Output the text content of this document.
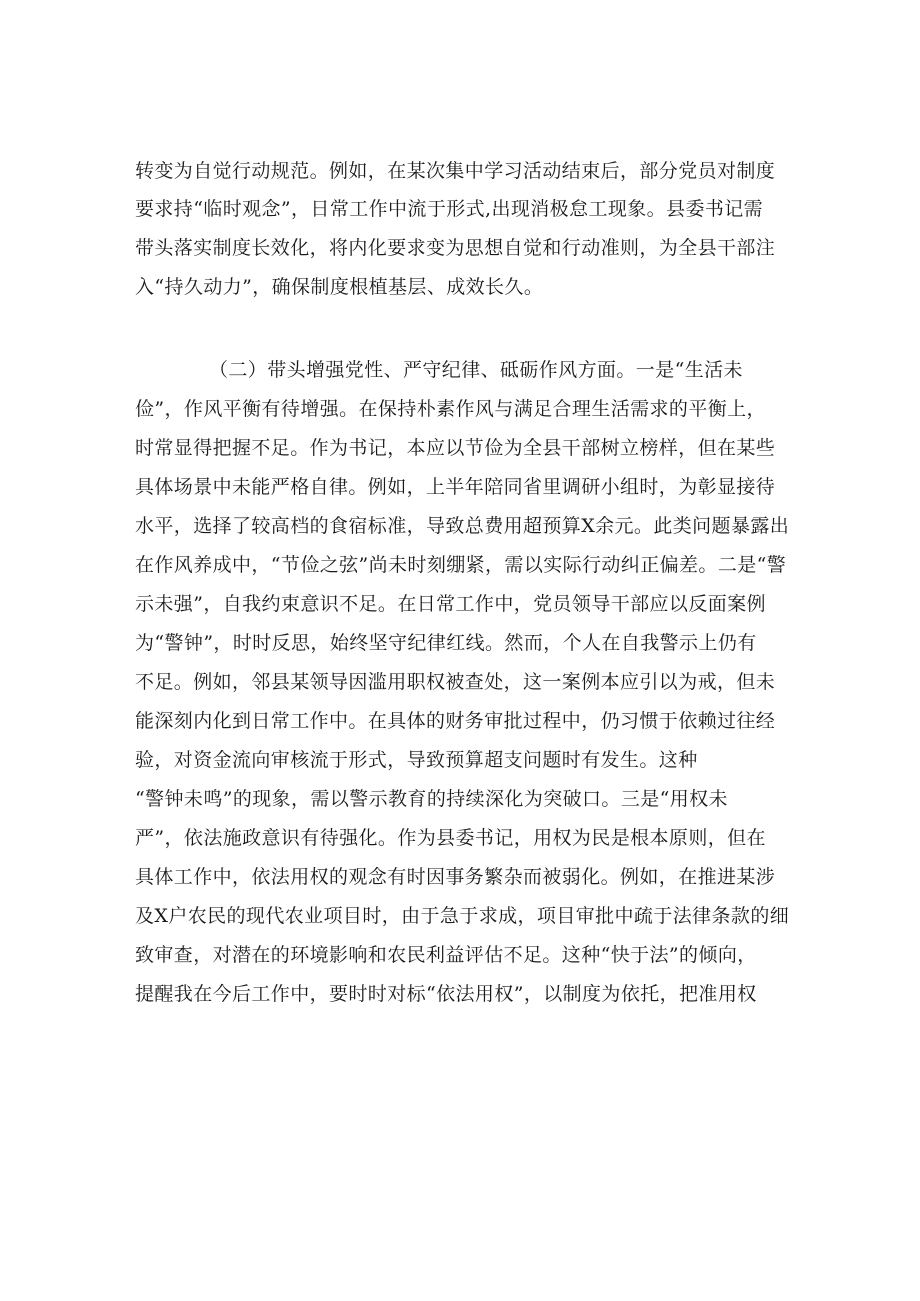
转变为自觉行动规范。例如，在某次集中学习活动结束后，部分党员对制度
要求持“临时观念”，日常工作中流于形式,出现消极怠工现象。县委书记需
带头落实制度长效化，将内化要求变为思想自觉和行动准则，为全县干部注
入“持久动力”，确保制度根植基层、成效长久。
（二）带头增强党性、严守纪律、砥砺作风方面。一是“生活未
俭”，作风平衡有待增强。在保持朴素作风与满足合理生活需求的平衡上，
时常显得把握不足。作为书记，本应以节俭为全县干部树立榜样，但在某些
具体场景中未能严格自律。例如，上半年陪同省里调研小组时，为彰显接待
水平，选择了较高档的食宿标准，导致总费用超预算X余元。此类问题暴露出
在作风养成中，“节俭之弦”尚未时刻绷紧，需以实际行动纠正偏差。二是“警
示未强”，自我约束意识不足。在日常工作中，党员领导干部应以反面案例
为“警钟”，时时反思，始终坚守纪律红线。然而，个人在自我警示上仍有
不足。例如，邻县某领导因滥用职权被查处，这一案例本应引以为戒，但未
能深刻内化到日常工作中。在具体的财务审批过程中，仍习惯于依赖过往经
验，对资金流向审核流于形式，导致预算超支问题时有发生。这种
“警钟未鸣”的现象，需以警示教育的持续深化为突破口。三是“用权未
严”，依法施政意识有待强化。作为县委书记，用权为民是根本原则，但在
具体工作中，依法用权的观念有时因事务繁杂而被弱化。例如，在推进某涉
及X户农民的现代农业项目时，由于急于求成，项目审批中疏于法律条款的细
致审查，对潜在的环境影响和农民利益评估不足。这种“快于法”的倾向，
提醒我在今后工作中，要时时对标“依法用权”，以制度为依托，把准用权
